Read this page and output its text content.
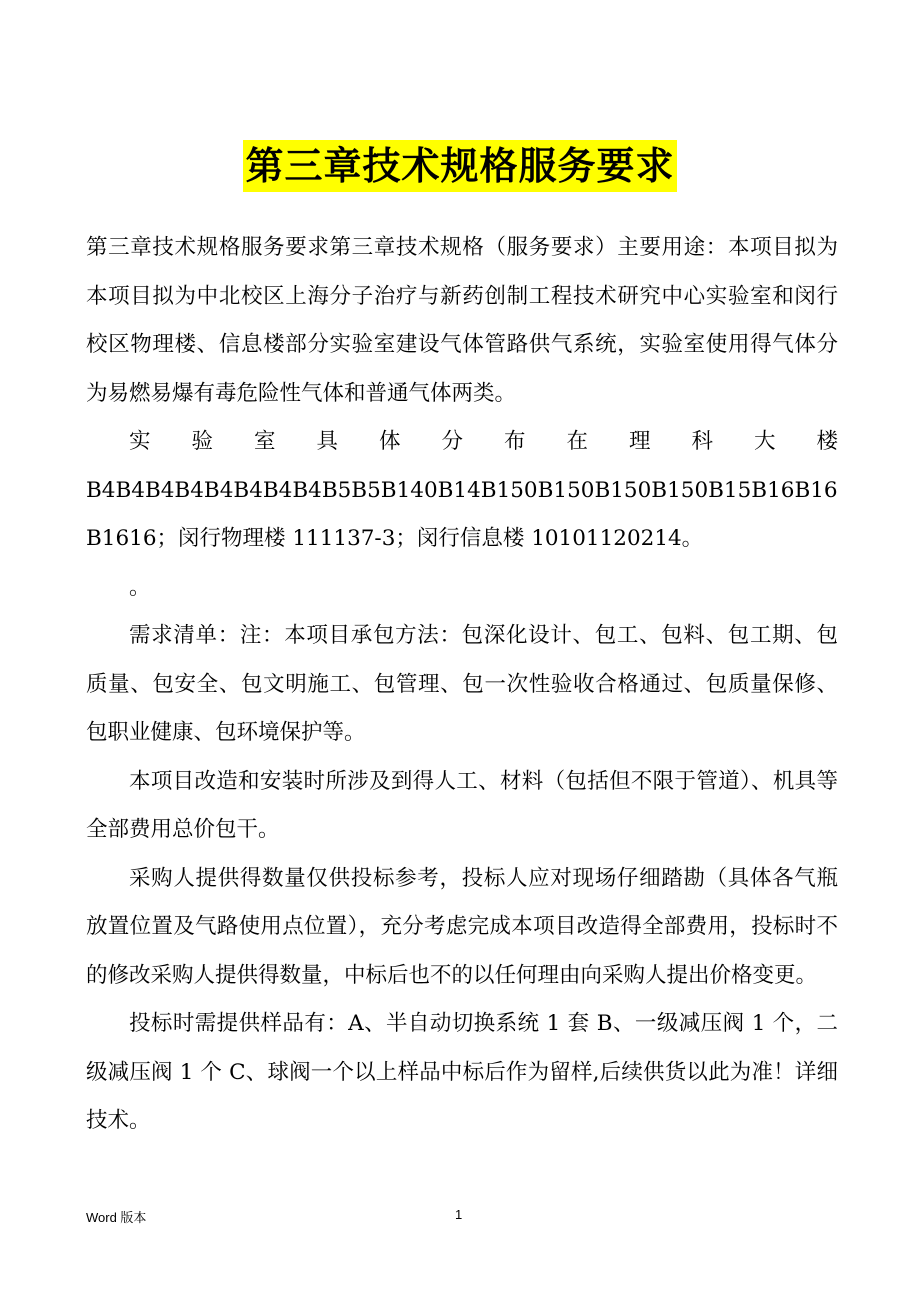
第三章技术规格服务要求

第三章技术规格服务要求第三章技术规格（服务要求）主要用途：本项目拟为本项目拟为中北校区上海分子治疗与新药创制工程技术研究中心实验室和闵行校区物理楼、信息楼部分实验室建设气体管路供气系统，实验室使用得气体分为易燃易爆有毒危险性气体和普通气体两类。

实 验 室 具 体 分 布 在 理 科 大 楼

B4B4B4B4B4B4B4B4B5B5B140B14B150B150B150B150B15B16B16B1616；闵行物理楼 111137-3；闵行信息楼 10101120214。

。

需求清单：注：本项目承包方法：包深化设计、包工、包料、包工期、包质量、包安全、包文明施工、包管理、包一次性验收合格通过、包质量保修、包职业健康、包环境保护等。

本项目改造和安装时所涉及到得人工、材料（包括但不限于管道）、机具等全部费用总价包干。

采购人提供得数量仅供投标参考，投标人应对现场仔细踏勘（具体各气瓶放置位置及气路使用点位置），充分考虑完成本项目改造得全部费用，投标时不的修改采购人提供得数量，中标后也不的以任何理由向采购人提出价格变更。

投标时需提供样品有：A、半自动切换系统 1 套 B、一级减压阀 1 个，二级减压阀 1 个 C、球阀一个以上样品中标后作为留样,后续供货以此为准！详细技术。

Word 版本	1
